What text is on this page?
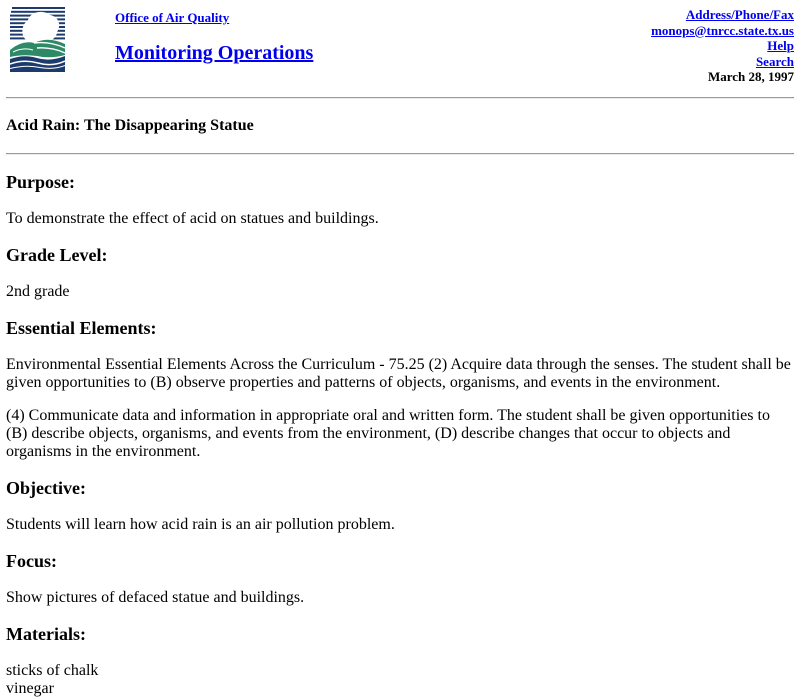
Office of Air Quality
Monitoring Operations
Address/Phone/Fax
monops@tnrcc.state.tx.us
Help
Search
March 28, 1997
Acid Rain: The Disappearing Statue
Purpose:

To demonstrate the effect of acid on statues and buildings.

Grade Level:

2nd grade

Essential Elements:

Environmental Essential Elements Across the Curriculum - 75.25 (2) Acquire data through the senses. The student shall be given opportunities to (B) observe properties and patterns of objects, organisms, and events in the environment.

(4) Communicate data and information in appropriate oral and written form. The student shall be given opportunities to (B) describe objects, organisms, and events from the environment, (D) describe changes that occur to objects and organisms in the environment.

Objective:

Students will learn how acid rain is an air pollution problem.

Focus:

Show pictures of defaced statue and buildings.

Materials:

sticks of chalk
vinegar
